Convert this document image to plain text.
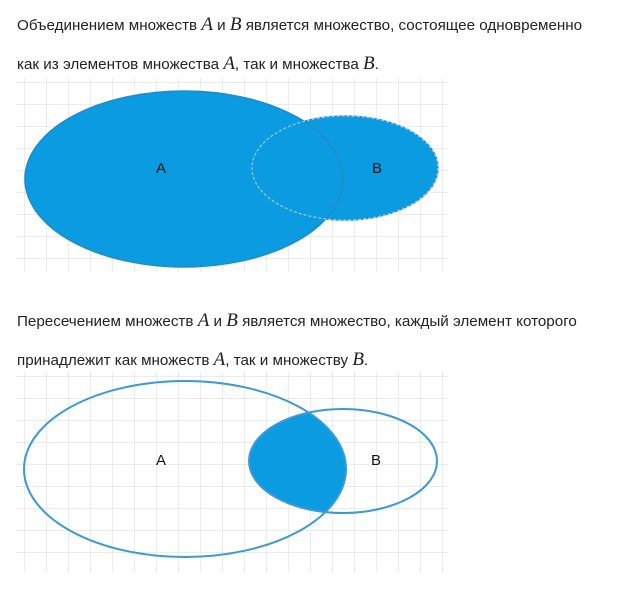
Объединением множеств A и B является множество, состоящее одновременно
как из элементов множества A, так и множества B.

A	B

Пересечением множеств A и B является множество, каждый элемент которого
принадлежит как множеств A, так и множеству B.

A	B
